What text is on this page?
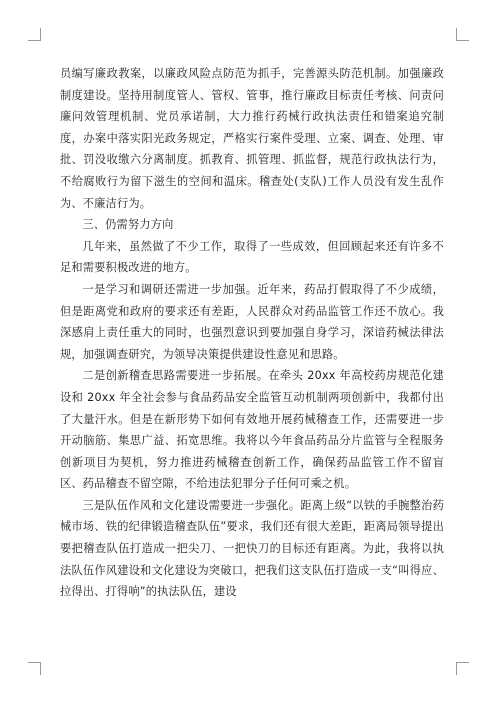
员编写廉政教案，以廉政风险点防范为抓手，完善源头防范机制。加强廉政制度建设。坚持用制度管人、管权、管事，推行廉政目标责任考核、问责问廉问效管理机制、党员承诺制，大力推行药械行政执法责任和错案追究制度，办案中落实阳光政务规定，严格实行案件受理、立案、调查、处理、审批、罚没收缴六分离制度。抓教育、抓管理、抓监督，规范行政执法行为，不给腐败行为留下滋生的空间和温床。稽查处(支队)工作人员没有发生乱作为、不廉洁行为。

三、仍需努力方向

几年来，虽然做了不少工作，取得了一些成效，但回顾起来还有许多不足和需要积极改进的地方。

一是学习和调研还需进一步加强。近年来，药品打假取得了不少成绩，但是距离党和政府的要求还有差距，人民群众对药品监管工作还不放心。我深感肩上责任重大的同时，也强烈意识到要加强自身学习，深谙药械法律法规，加强调查研究，为领导决策提供建设性意见和思路。

二是创新稽查思路需要进一步拓展。在牵头 20xx 年高校药房规范化建设和 20xx 年全社会参与食品药品安全监管互动机制两项创新中，我都付出了大量汗水。但是在新形势下如何有效地开展药械稽查工作，还需要进一步开动脑筋、集思广益、拓宽思维。我将以今年食品药品分片监管与全程服务创新项目为契机，努力推进药械稽查创新工作，确保药品监管工作不留盲区、药品稽查不留空隙，不给违法犯罪分子任何可乘之机。

三是队伍作风和文化建设需要进一步强化。距离上级“以铁的手腕整治药械市场、铁的纪律锻造稽查队伍”要求，我们还有很大差距，距离局领导提出要把稽查队伍打造成一把尖刀、一把快刀的目标还有距离。为此，我将以执法队伍作风建设和文化建设为突破口，把我们这支队伍打造成一支“叫得应、拉得出、打得响”的执法队伍，建设
